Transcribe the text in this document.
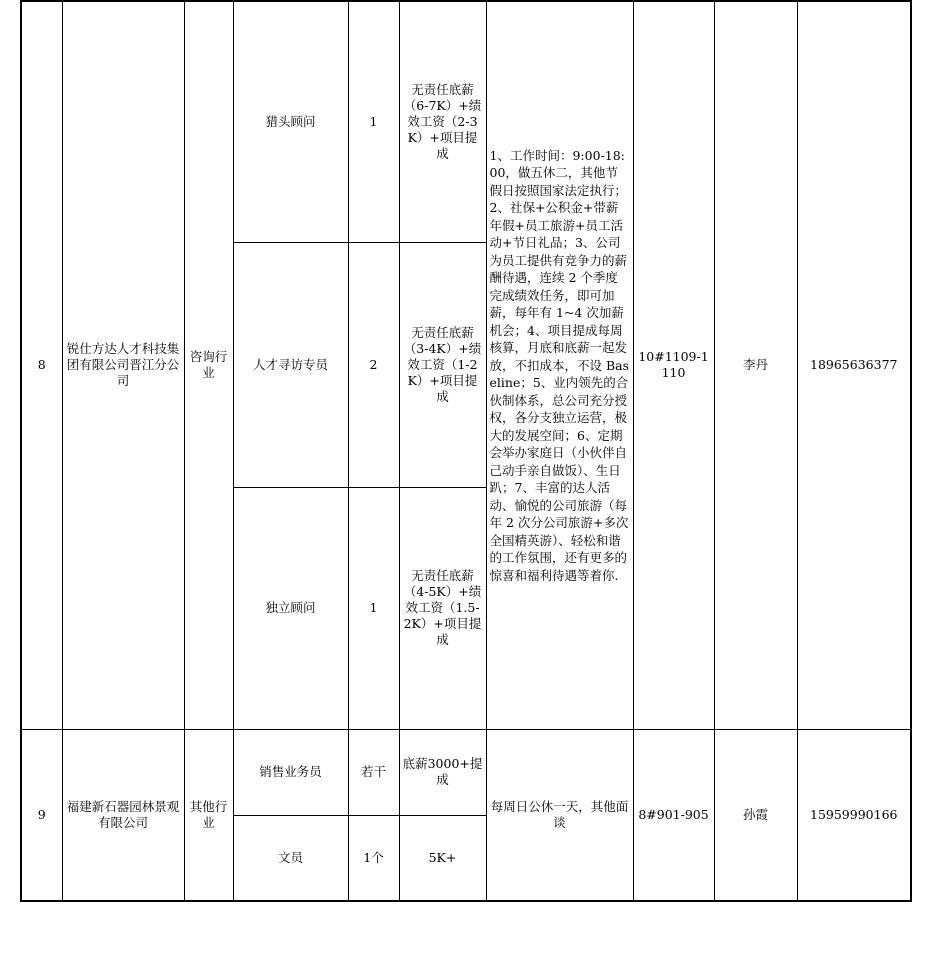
8	锐仕方达人才科技集团有限公司晋江分公司	咨询行业	猎头顾问	1	无责任底薪（6-7K）+绩效工资（2-3K）+项目提成	1、工作时间：9:00-18:00，做五休二，其他节假日按照国家法定执行；2、社保+公积金+带薪年假+员工旅游+员工活动+节日礼品；3、公司为员工提供有竞争力的薪酬待遇，连续 2 个季度完成绩效任务，即可加薪，每年有 1~4 次加薪机会；4、项目提成每周核算，月底和底薪一起发放，不扣成本，不设 Baseline；5、业内领先的合伙制体系，总公司充分授权，各分支独立运营，极大的发展空间；6、定期会举办家庭日（小伙伴自己动手亲自做饭）、生日趴；7、丰富的达人活动、愉悦的公司旅游（每年 2 次分公司旅游+多次全国精英游）、轻松和谐的工作氛围，还有更多的惊喜和福利待遇等着你.	10#1109-1110	李丹	18965636377
			人才寻访专员	2	无责任底薪（3-4K）+绩效工资（1-2K）+项目提成				
			独立顾问	1	无责任底薪（4-5K）+绩效工资（1.5-2K）+项目提成				
9	福建新石器园林景观有限公司	其他行业	销售业务员	若干	底薪3000+提成	每周日公休一天，其他面谈	8#901-905	孙霞	15959990166
			文员	1个	5K+				
